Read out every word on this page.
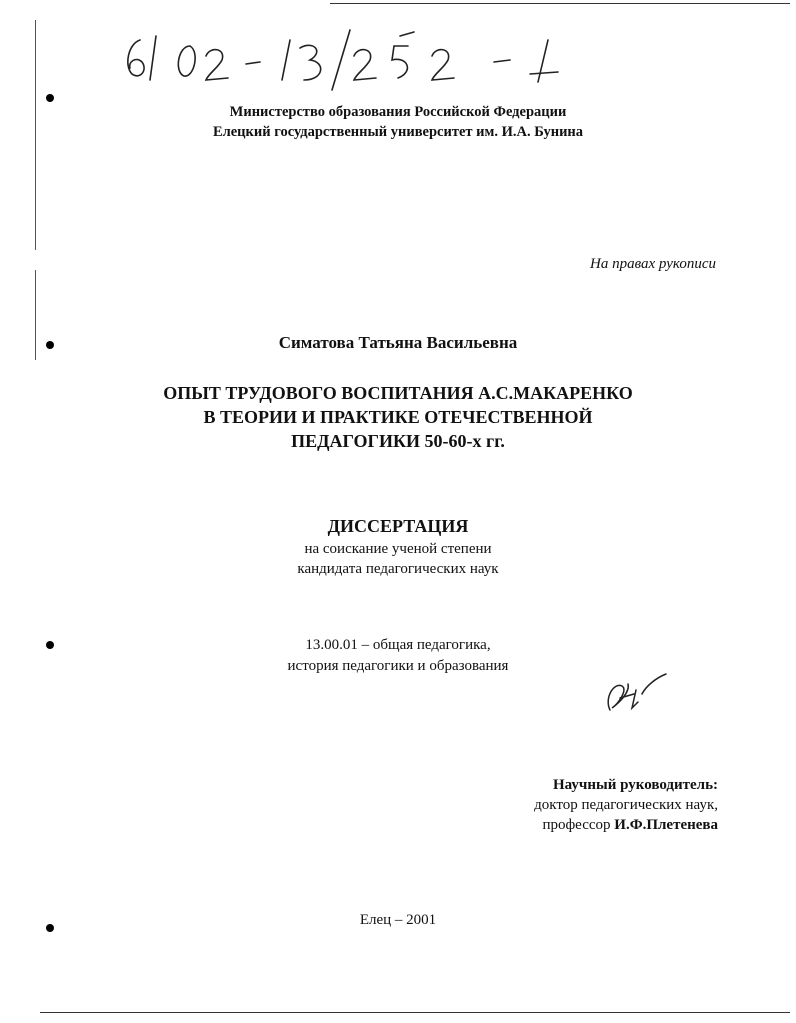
Министерство образования Российской Федерации
Елецкий государственный университет им. И.А. Бунина
На правах рукописи
Симатова Татьяна Васильевна
ОПЫТ ТРУДОВОГО ВОСПИТАНИЯ А.С.МАКАРЕНКО
В ТЕОРИИ И ПРАКТИКЕ ОТЕЧЕСТВЕННОЙ
ПЕДАГОГИКИ 50-60-х гг.
ДИССЕРТАЦИЯ
на соискание ученой степени
кандидата педагогических наук
13.00.01 – общая педагогика,
история педагогики и образования
Научный руководитель:
доктор педагогических наук,
профессор И.Ф.Плетенева
Елец – 2001
